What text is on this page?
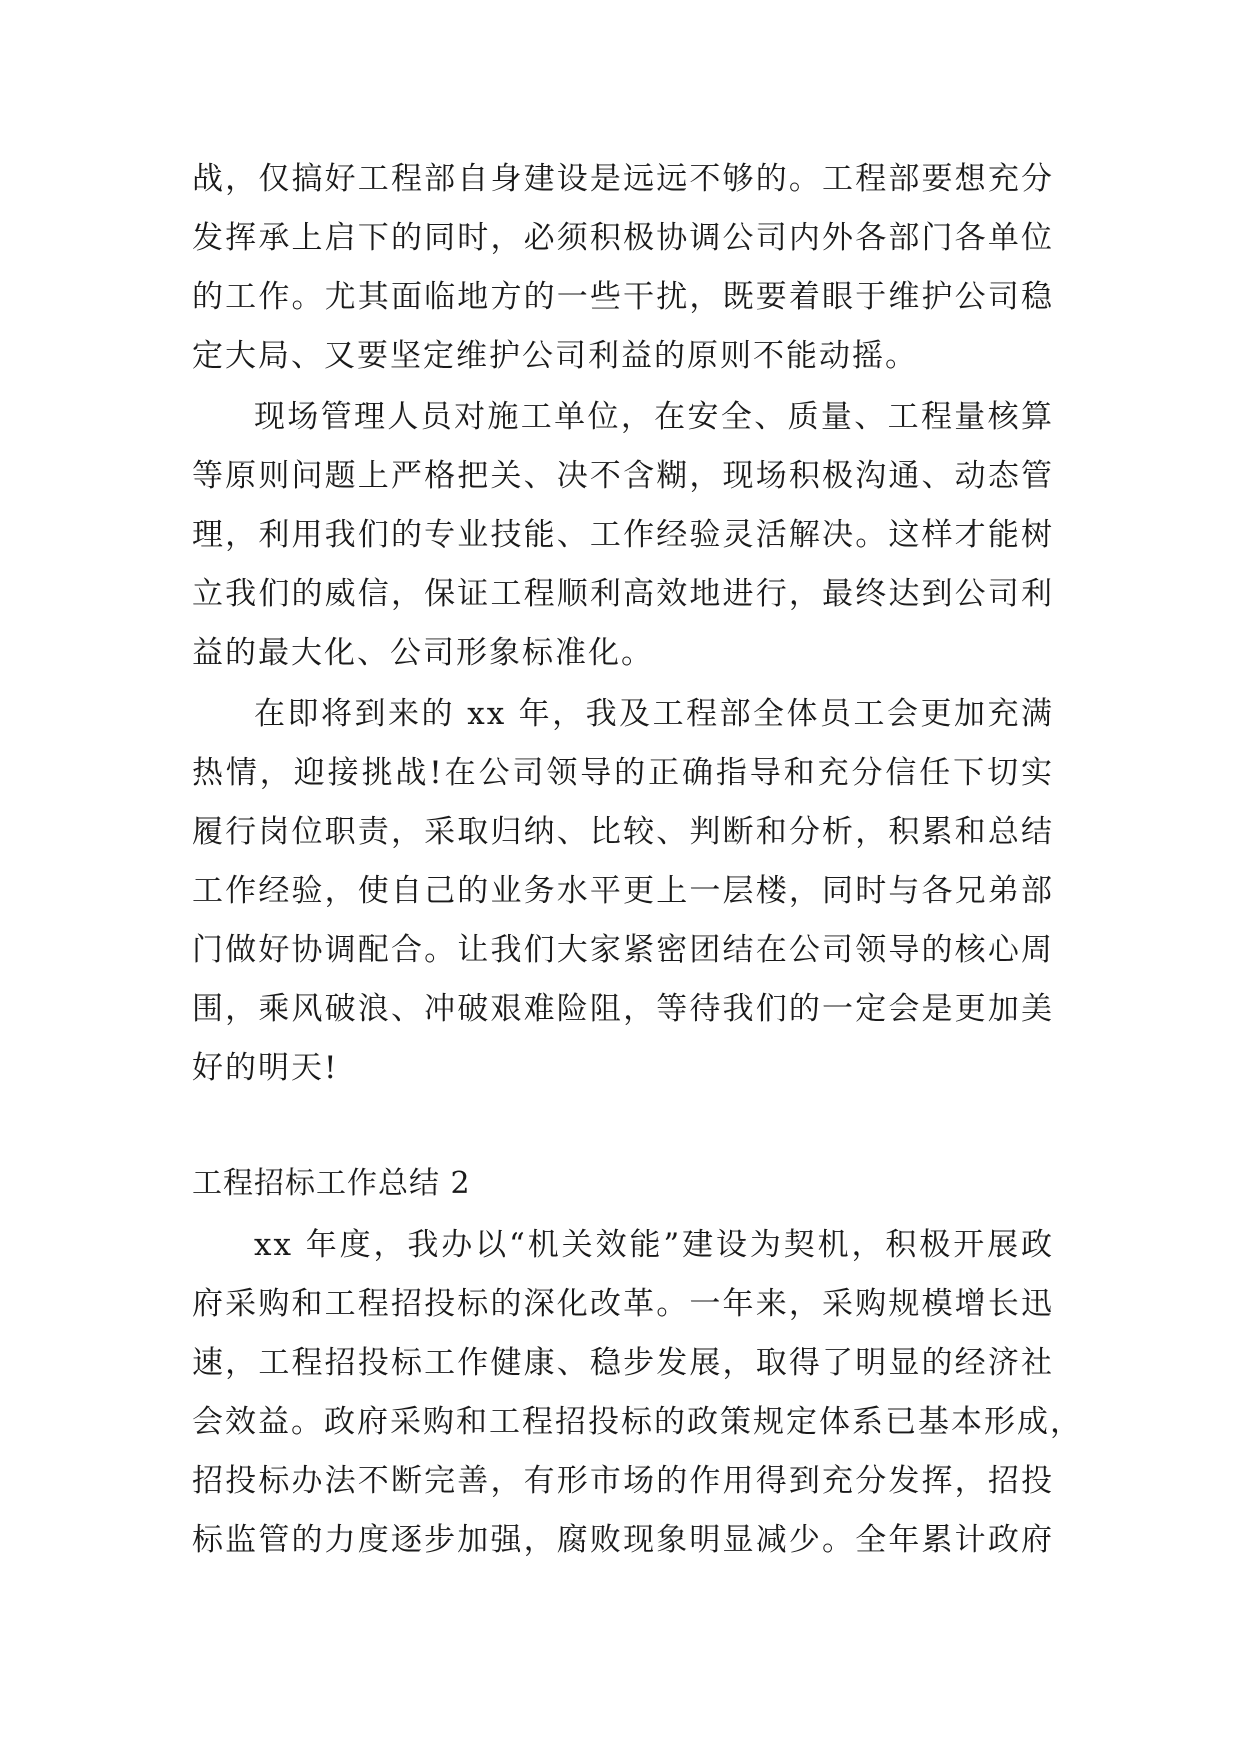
战，仅搞好工程部自身建设是远远不够的。工程部要想充分
发挥承上启下的同时，必须积极协调公司内外各部门各单位
的工作。尤其面临地方的一些干扰，既要着眼于维护公司稳
定大局、又要坚定维护公司利益的原则不能动摇。
现场管理人员对施工单位，在安全、质量、工程量核算
等原则问题上严格把关、决不含糊，现场积极沟通、动态管
理，利用我们的专业技能、工作经验灵活解决。这样才能树
立我们的威信，保证工程顺利高效地进行，最终达到公司利
益的最大化、公司形象标准化。
在即将到来的 xx 年，我及工程部全体员工会更加充满
热情，迎接挑战!在公司领导的正确指导和充分信任下切实
履行岗位职责，采取归纳、比较、判断和分析，积累和总结
工作经验，使自己的业务水平更上一层楼，同时与各兄弟部
门做好协调配合。让我们大家紧密团结在公司领导的核心周
围，乘风破浪、冲破艰难险阻，等待我们的一定会是更加美
好的明天!
工程招标工作总结 2
xx 年度，我办以“机关效能”建设为契机，积极开展政
府采购和工程招投标的深化改革。一年来，采购规模增长迅
速，工程招投标工作健康、稳步发展，取得了明显的经济社
会效益。政府采购和工程招投标的政策规定体系已基本形成，
招投标办法不断完善，有形市场的作用得到充分发挥，招投
标监管的力度逐步加强，腐败现象明显减少。全年累计政府
